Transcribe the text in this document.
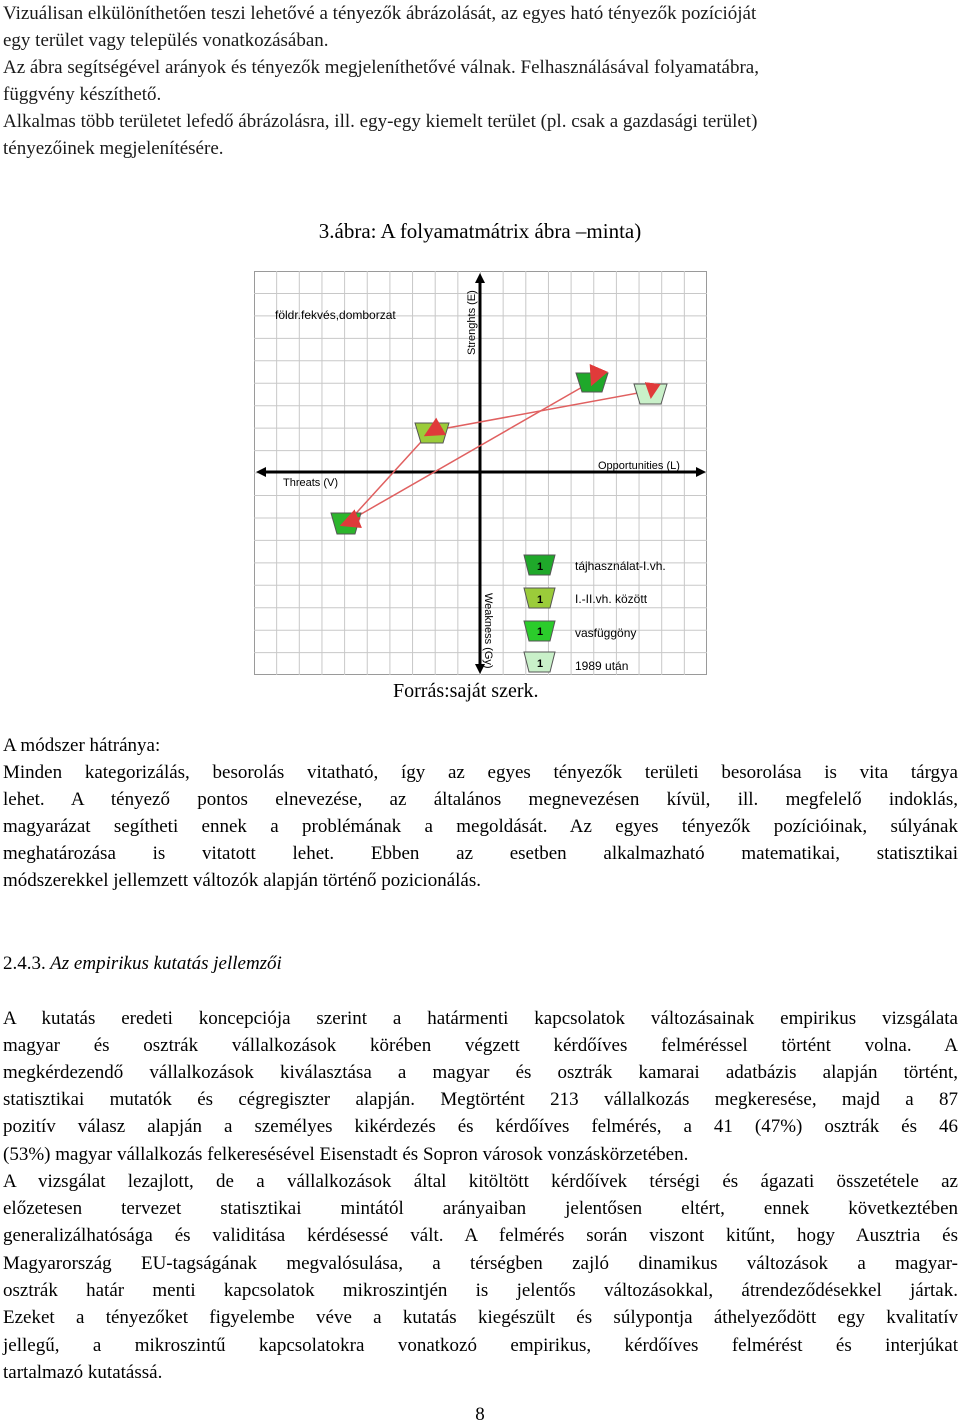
Vizuálisan elkülöníthetően teszi lehetővé a tényezők ábrázolását, az egyes ható tényezők pozícióját
egy terület vagy település vonatkozásában.
Az ábra segítségével arányok és tényezők megjeleníthetővé válnak. Felhasználásával folyamatábra,
függvény készíthető.
Alkalmas több területet lefedő ábrázolásra, ill. egy-egy kiemelt terület (pl. csak a gazdasági terület)
tényezőinek megjelenítésére.
3.ábra: A folyamatmátrix ábra –minta)
földr.fekvés,domborzat	Strenghts (E)
Opportunities (L)
Threats (V)
Weakness (Gy)
1	tájhasználat-I.vh.
1	I.-II.vh. között
1	vasfüggöny
1	1989 után
Forrás:saját szerk.
A módszer hátránya:
Minden kategorizálás, besorolás vitatható, így az egyes tényezők területi besorolása is vita tárgya
lehet. A tényező pontos elnevezése, az általános megnevezésen kívül, ill. megfelelő indoklás,
magyarázat segítheti ennek a problémának a megoldását. Az egyes tényezők pozícióinak, súlyának
meghatározása is vitatott lehet. Ebben az esetben alkalmazható matematikai, statisztikai
módszerekkel jellemzett változók alapján történő pozicionálás.
2.4.3. Az empirikus kutatás jellemzői
A kutatás eredeti koncepciója szerint a határmenti kapcsolatok változásainak empirikus vizsgálata
magyar és osztrák vállalkozások körében végzett kérdőíves felméréssel történt volna. A
megkérdezendő vállalkozások kiválasztása a magyar és osztrák kamarai adatbázis alapján történt,
statisztikai mutatók és cégregiszter alapján. Megtörtént 213 vállalkozás megkeresése, majd a 87
pozitív válasz alapján a személyes kikérdezés és kérdőíves felmérés, a 41 (47%) osztrák és 46
(53%) magyar vállalkozás felkeresésével Eisenstadt és Sopron városok vonzáskörzetében.
A vizsgálat lezajlott, de a vállalkozások által kitöltött kérdőívek térségi és ágazati összetétele az
előzetesen tervezet statisztikai mintától arányaiban jelentősen eltért, ennek következtében
generalizálhatósága és validitása kérdésessé vált. A felmérés során viszont kitűnt, hogy Ausztria és
Magyarország EU-tagságának megvalósulása, a térségben zajló dinamikus változások a magyar-
osztrák határ menti kapcsolatok mikroszintjén is jelentős változásokkal, átrendeződésekkel jártak.
Ezeket a tényezőket figyelembe véve a kutatás kiegészült és súlypontja áthelyeződött egy kvalitatív
jellegű, a mikroszintű kapcsolatokra vonatkozó empirikus, kérdőíves felmérést és interjúkat
tartalmazó kutatássá.
8
